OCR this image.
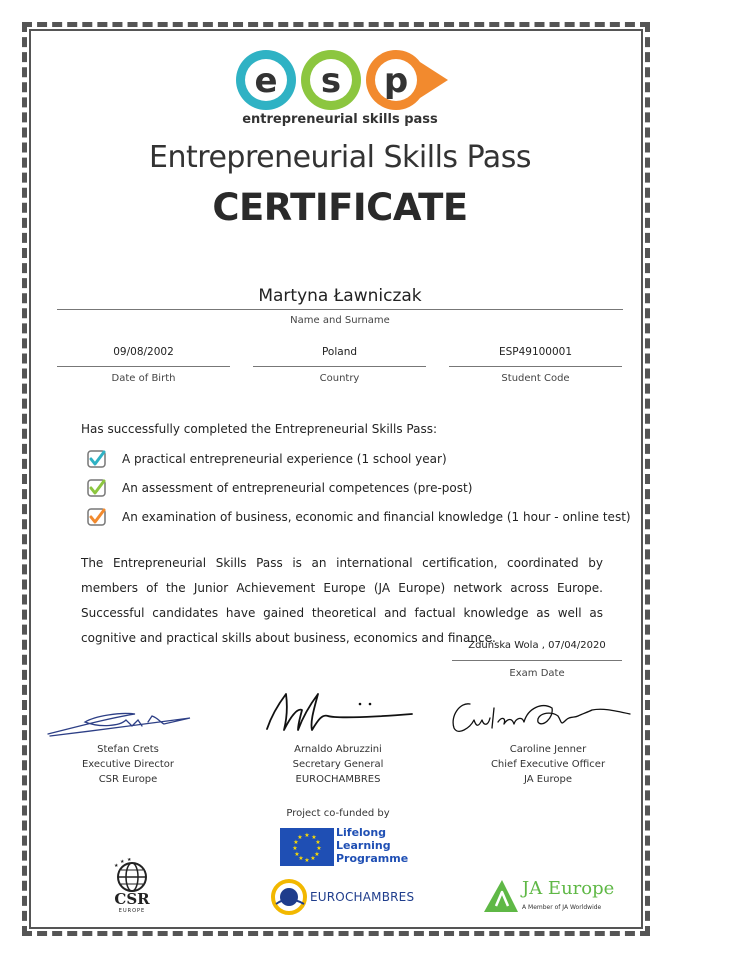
e s p
entrepreneurial skills pass
Entrepreneurial Skills Pass
CERTIFICATE
Martyna Ławniczak
Name and Surname
09/08/2002
Date of Birth
Poland
Country
ESP49100001
Student Code
Has successfully completed the Entrepreneurial Skills Pass:
A practical entrepreneurial experience (1 school year)
An assessment of entrepreneurial competences (pre-post)
An examination of business, economic and financial knowledge (1 hour - online test)
The Entrepreneurial Skills Pass is an international certification, coordinated by members of the Junior Achievement Europe (JA Europe) network across Europe. Successful candidates have gained theoretical and factual knowledge as well as cognitive and practical skills about business, economics and finance.
Zduńska Wola , 07/04/2020
Exam Date
Stefan Crets
Executive Director
CSR Europe
Arnaldo Abruzzini
Secretary General
EUROCHAMBRES
Caroline Jenner
Chief Executive Officer
JA Europe
Project co-funded by
★ ★
★
★
★
★
★
★
★
★
★
★	Lifelong
Learning
Programme
★
★ ★
CSR
EUROPE
EUROCHAMBRES	JA Europe
A Member of JA Worldwide
